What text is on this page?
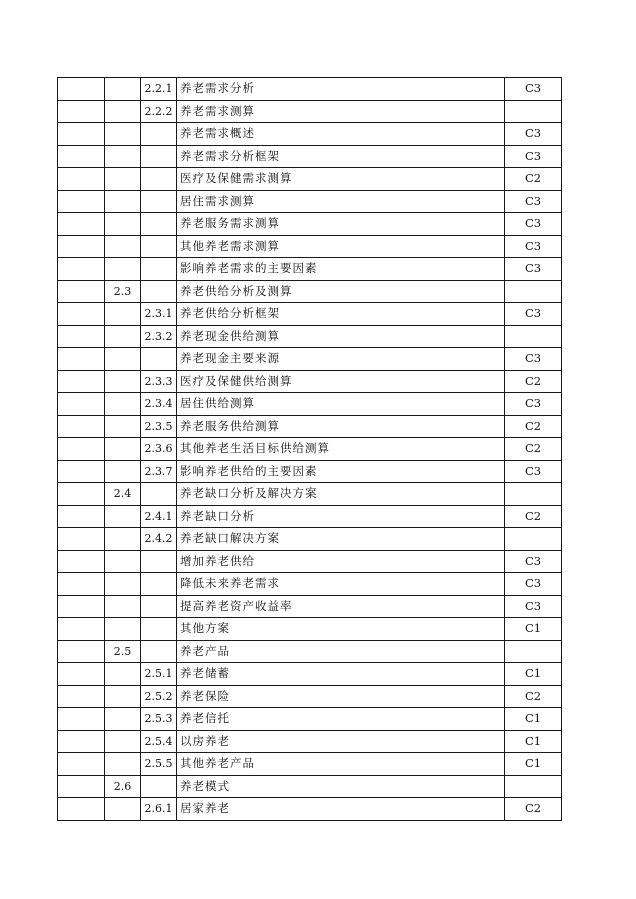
		2.2.1	养老需求分析	C3
		2.2.2	养老需求测算	
			养老需求概述	C3
			养老需求分析框架	C3
			医疗及保健需求测算	C2
			居住需求测算	C3
			养老服务需求测算	C3
			其他养老需求测算	C3
			影响养老需求的主要因素	C3
	2.3		养老供给分析及测算	
		2.3.1	养老供给分析框架	C3
		2.3.2	养老现金供给测算	
			养老现金主要来源	C3
		2.3.3	医疗及保健供给测算	C2
		2.3.4	居住供给测算	C3
		2.3.5	养老服务供给测算	C2
		2.3.6	其他养老生活目标供给测算	C2
		2.3.7	影响养老供给的主要因素	C3
	2.4		养老缺口分析及解决方案	
		2.4.1	养老缺口分析	C2
		2.4.2	养老缺口解决方案	
			增加养老供给	C3
			降低未来养老需求	C3
			提高养老资产收益率	C3
			其他方案	C1
	2.5		养老产品	
		2.5.1	养老储蓄	C1
		2.5.2	养老保险	C2
		2.5.3	养老信托	C1
		2.5.4	以房养老	C1
		2.5.5	其他养老产品	C1
	2.6		养老模式	
		2.6.1	居家养老	C2
